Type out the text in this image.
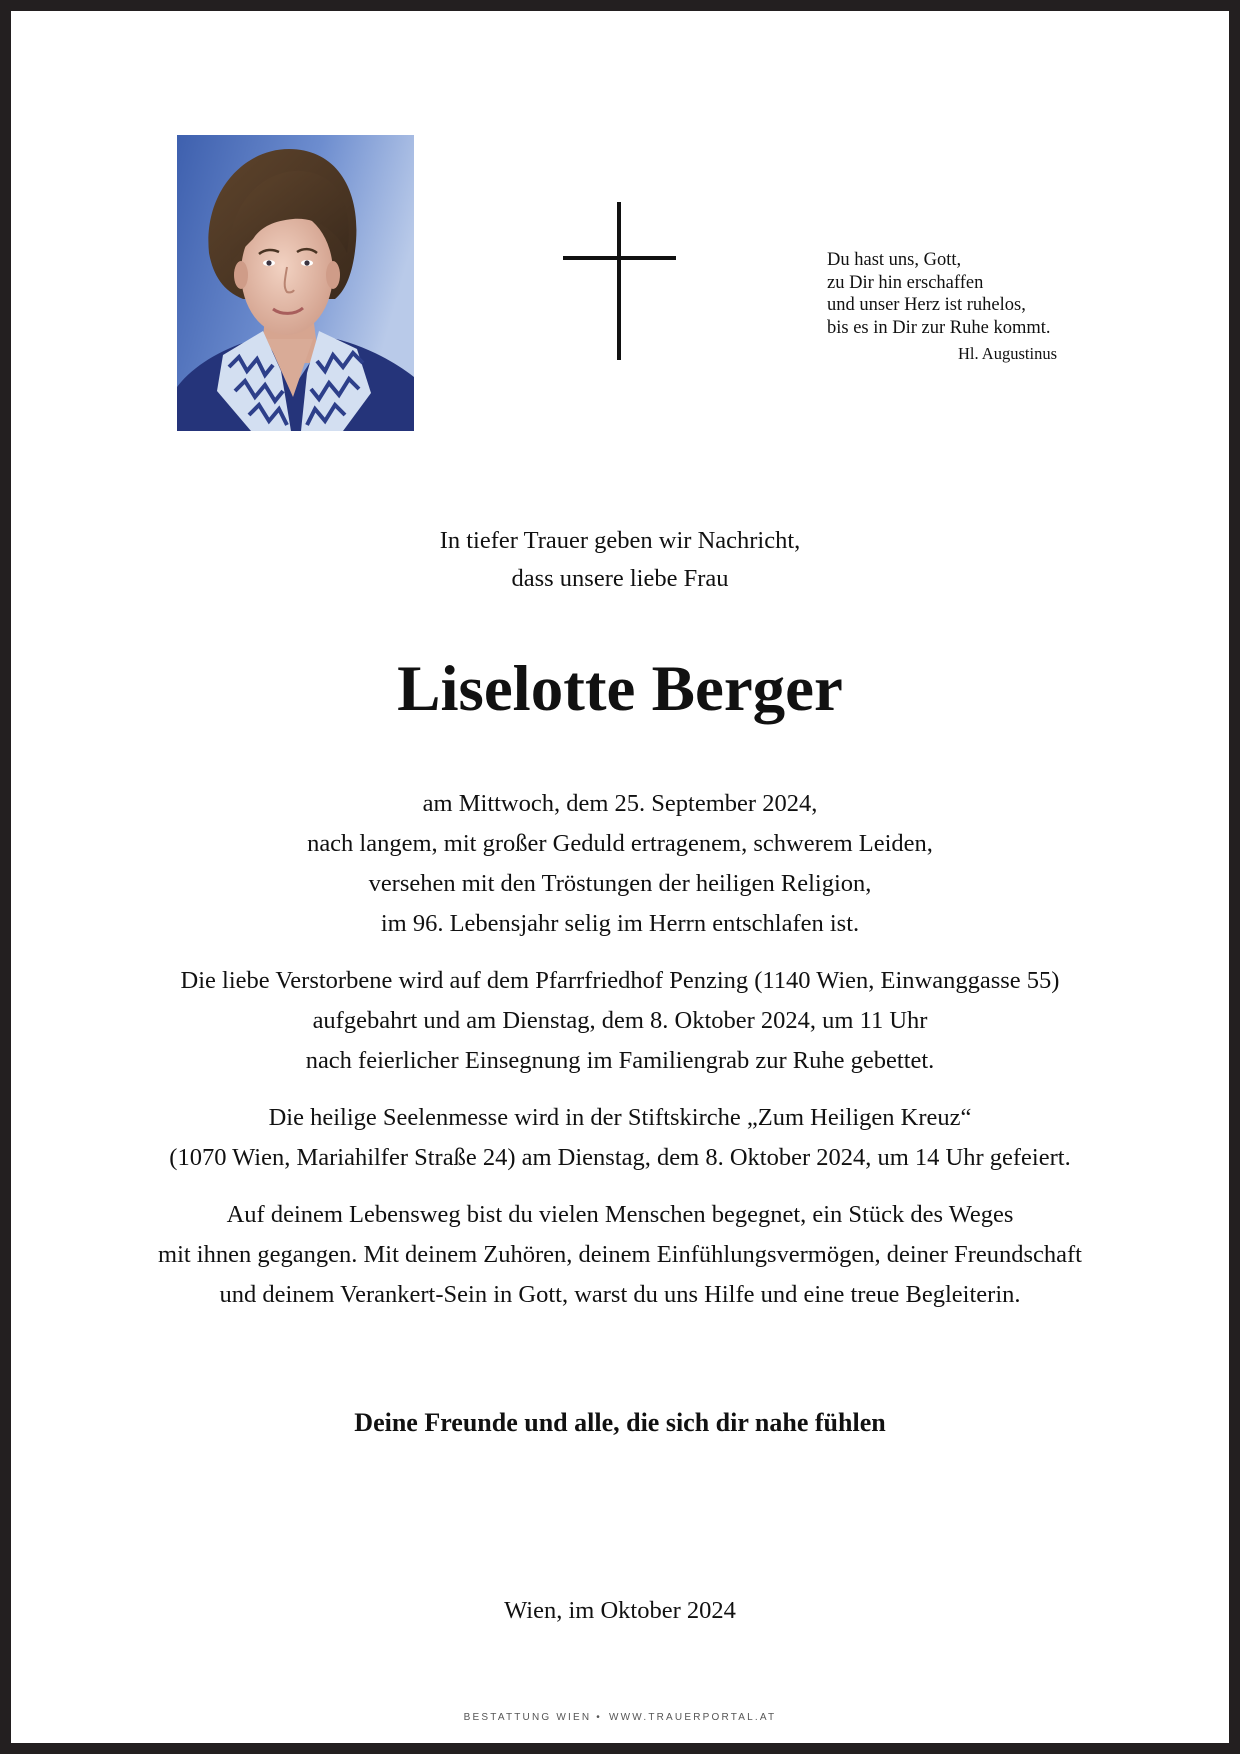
Du hast uns, Gott,
zu Dir hin erschaffen
und unser Herz ist ruhelos,
bis es in Dir zur Ruhe kommt.
Hl. Augustinus
In tiefer Trauer geben wir Nachricht,
dass unsere liebe Frau
Liselotte Berger
am Mittwoch, dem 25. September 2024,
nach langem, mit großer Geduld ertragenem, schwerem Leiden,
versehen mit den Tröstungen der heiligen Religion,
im 96. Lebensjahr selig im Herrn entschlafen ist.
Die liebe Verstorbene wird auf dem Pfarrfriedhof Penzing (1140 Wien, Einwanggasse 55)
aufgebahrt und am Dienstag, dem 8. Oktober 2024, um 11 Uhr
nach feierlicher Einsegnung im Familiengrab zur Ruhe gebettet.
Die heilige Seelenmesse wird in der Stiftskirche „Zum Heiligen Kreuz“
(1070 Wien, Mariahilfer Straße 24) am Dienstag, dem 8. Oktober 2024, um 14 Uhr gefeiert.
Auf deinem Lebensweg bist du vielen Menschen begegnet, ein Stück des Weges
mit ihnen gegangen. Mit deinem Zuhören, deinem Einfühlungsvermögen, deiner Freundschaft
und deinem Verankert-Sein in Gott, warst du uns Hilfe und eine treue Begleiterin.
Deine Freunde und alle, die sich dir nahe fühlen
Wien, im Oktober 2024
BESTATTUNG WIEN • WWW.TRAUERPORTAL.AT
